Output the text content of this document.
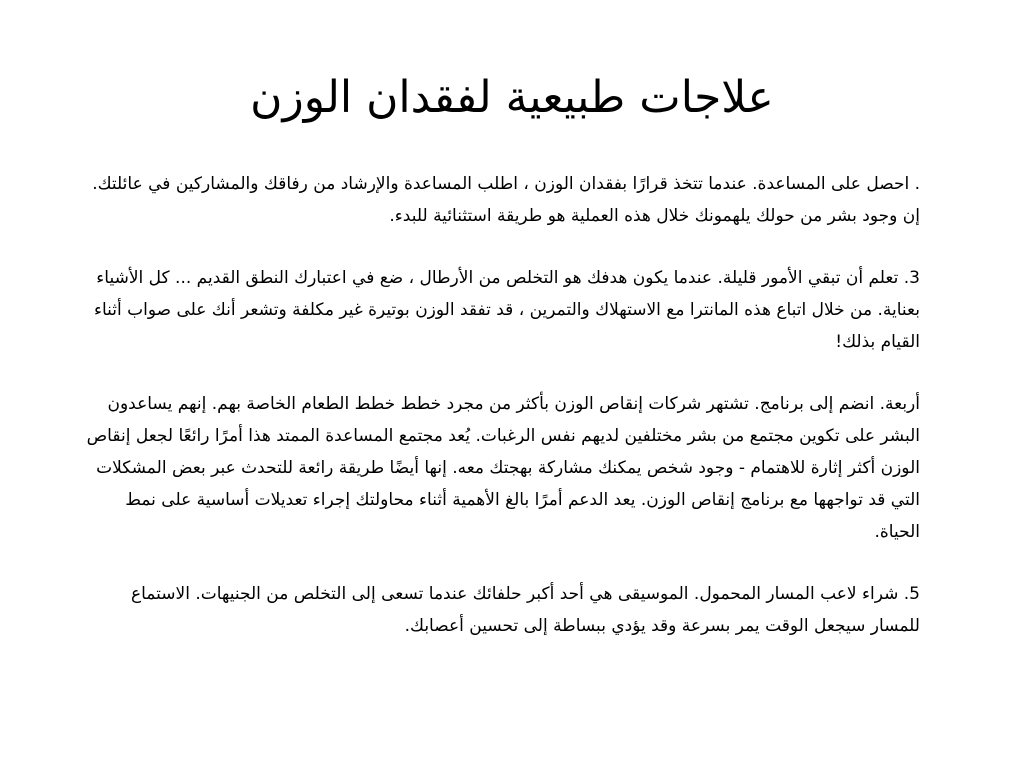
علاجات طبيعية لفقدان الوزن

. احصل على المساعدة. عندما تتخذ قرارًا بفقدان الوزن ، اطلب المساعدة والإرشاد من رفاقك والمشاركين في عائلتك. إن وجود بشر من حولك يلهمونك خلال هذه العملية هو طريقة استثنائية للبدء.

3. تعلم أن تبقي الأمور قليلة. عندما يكون هدفك هو التخلص من الأرطال ، ضع في اعتبارك النطق القديم ... كل الأشياء بعناية. من خلال اتباع هذه المانترا مع الاستهلاك والتمرين ، قد تفقد الوزن بوتيرة غير مكلفة وتشعر أنك على صواب أثناء القيام بذلك!

أربعة. انضم إلى برنامج. تشتهر شركات إنقاص الوزن بأكثر من مجرد خطط خطط الطعام الخاصة بهم. إنهم يساعدون البشر على تكوين مجتمع من بشر مختلفين لديهم نفس الرغبات. يُعد مجتمع المساعدة الممتد هذا أمرًا رائعًا لجعل إنقاص الوزن أكثر إثارة للاهتمام - وجود شخص يمكنك مشاركة بهجتك معه. إنها أيضًا طريقة رائعة للتحدث عبر بعض المشكلات التي قد تواجهها مع برنامج إنقاص الوزن. يعد الدعم أمرًا بالغ الأهمية أثناء محاولتك إجراء تعديلات أساسية على نمط الحياة.

5. شراء لاعب المسار المحمول. الموسيقى هي أحد أكبر حلفائك عندما تسعى إلى التخلص من الجنيهات. الاستماع للمسار سيجعل الوقت يمر بسرعة وقد يؤدي ببساطة إلى تحسين أعصابك.
